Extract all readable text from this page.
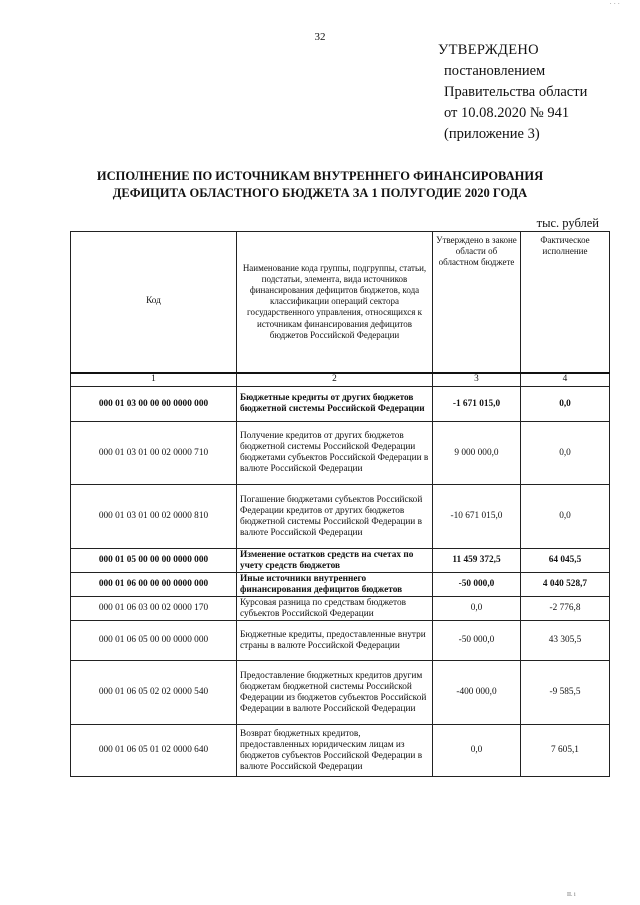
· · ·
32
УТВЕРЖДЕНО
постановлением
Правительства области
от 10.08.2020 № 941
(приложение 3)
ИСПОЛНЕНИЕ ПО ИСТОЧНИКАМ ВНУТРЕННЕГО ФИНАНСИРОВАНИЯ
ДЕФИЦИТА ОБЛАСТНОГО БЮДЖЕТА ЗА 1 ПОЛУГОДИЕ 2020 ГОДА
тыс. рублей
Код	Наименование кода группы, подгруппы, статьи, подстатьи, элемента, вида источников финансирования дефицитов бюджетов, кода классификации операций сектора государственного управления, относящихся к источникам финансирования дефицитов бюджетов Российской Федерации	Утверждено в законе области об областном бюджете	Фактическое исполнение
1	2	3	4
000 01 03 00 00 00 0000 000	Бюджетные кредиты от других бюджетов бюджетной системы Российской Федерации	-1 671 015,0	0,0
000 01 03 01 00 02 0000 710	Получение кредитов от других бюджетов бюджетной системы Российской Федерации бюджетами субъектов Российской Федерации в валюте Российской Федерации	9 000 000,0	0,0
000 01 03 01 00 02 0000 810	Погашение бюджетами субъектов Российской Федерации кредитов от других бюджетов бюджетной системы Российской Федерации в валюте Российской Федерации	-10 671 015,0	0,0
000 01 05 00 00 00 0000 000	Изменение остатков средств на счетах по учету средств бюджетов	11 459 372,5	64 045,5
000 01 06 00 00 00 0000 000	Иные источники внутреннего финансирования дефицитов бюджетов	-50 000,0	4 040 528,7
000 01 06 03 00 02 0000 170	Курсовая разница по средствам бюджетов субъектов Российской Федерации	0,0	-2 776,8
000 01 06 05 00 00 0000 000	Бюджетные кредиты, предоставленные внутри страны в валюте Российской Федерации	-50 000,0	43 305,5
000 01 06 05 02 02 0000 540	Предоставление бюджетных кредитов другим бюджетам бюджетной системы Российской Федерации из бюджетов субъектов Российской Федерации в валюте Российской Федерации	-400 000,0	-9 585,5
000 01 06 05 01 02 0000 640	Возврат бюджетных кредитов, предоставленных юридическим лицам из бюджетов субъектов Российской Федерации в валюте Российской Федерации	0,0	7 605,1
II. i
